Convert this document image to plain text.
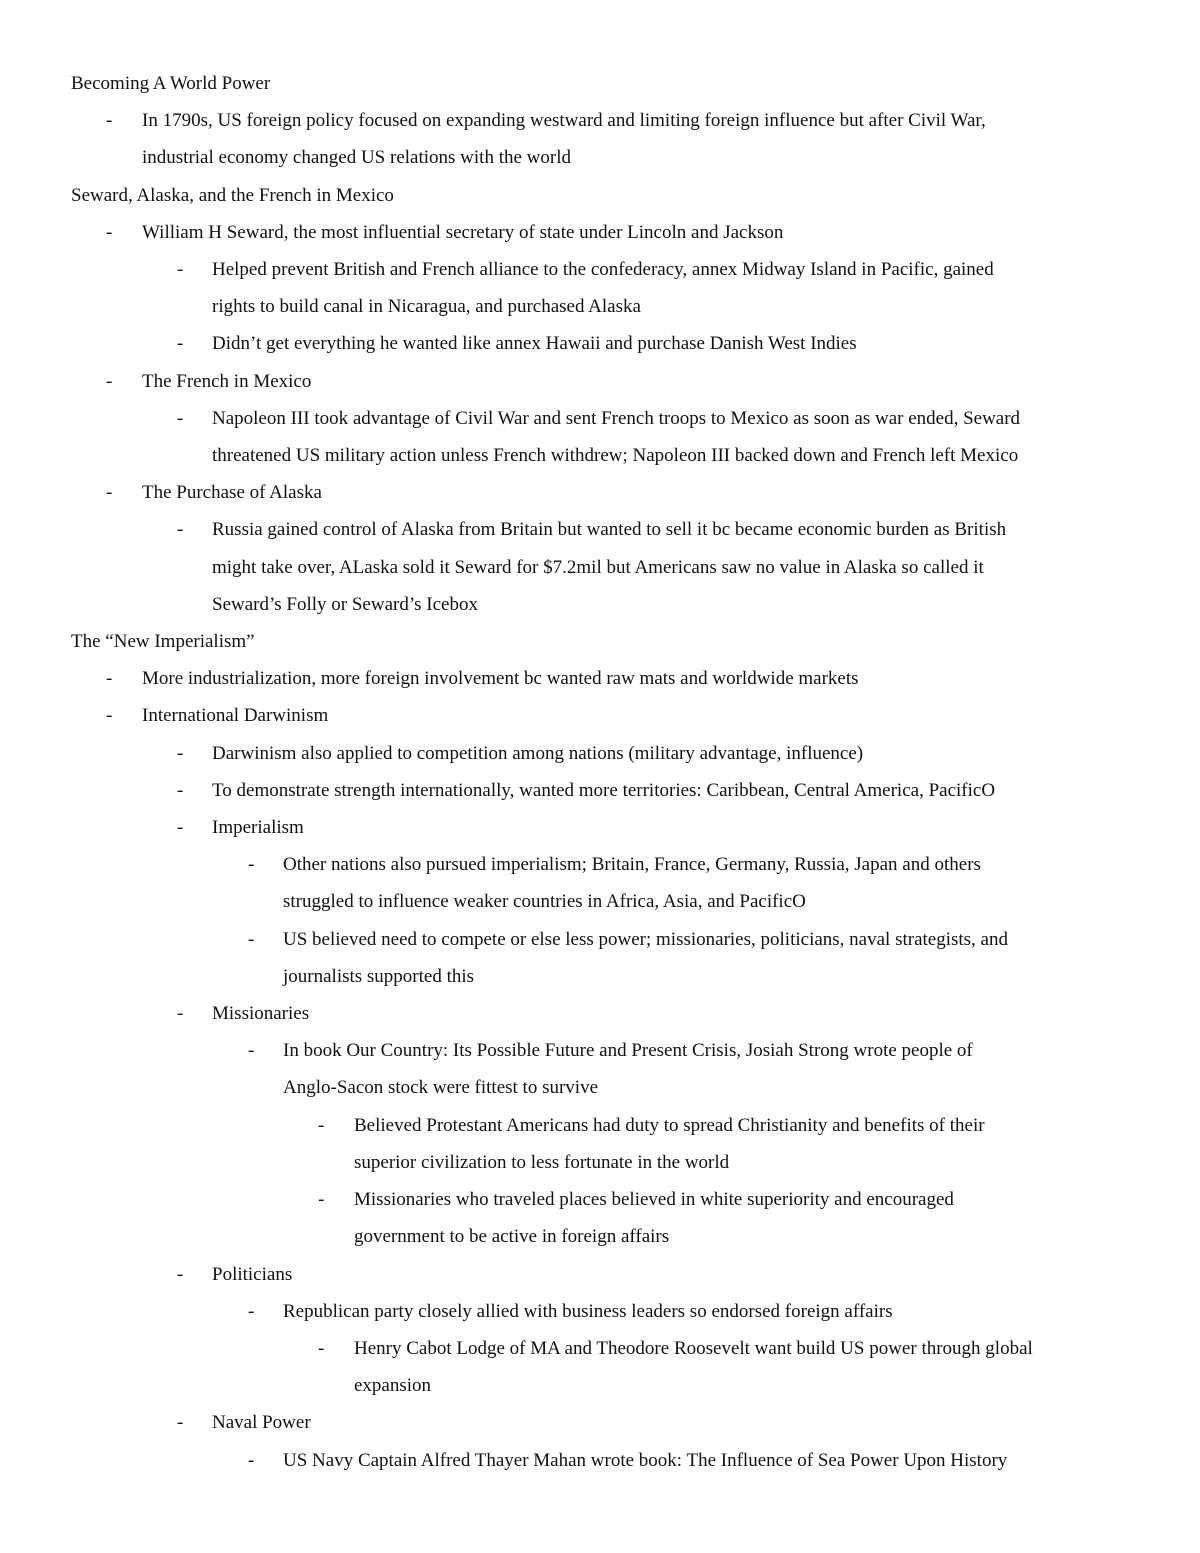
Becoming A World Power
- In 1790s, US foreign policy focused on expanding westward and limiting foreign influence but after Civil War,
industrial economy changed US relations with the world
Seward, Alaska, and the French in Mexico
- William H Seward, the most influential secretary of state under Lincoln and Jackson
- Helped prevent British and French alliance to the confederacy, annex Midway Island in Pacific, gained
rights to build canal in Nicaragua, and purchased Alaska
- Didn’t get everything he wanted like annex Hawaii and purchase Danish West Indies
- The French in Mexico
- Napoleon III took advantage of Civil War and sent French troops to Mexico as soon as war ended, Seward
threatened US military action unless French withdrew; Napoleon III backed down and French left Mexico
- The Purchase of Alaska
- Russia gained control of Alaska from Britain but wanted to sell it bc became economic burden as British
might take over, ALaska sold it Seward for $7.2mil but Americans saw no value in Alaska so called it
Seward’s Folly or Seward’s Icebox
The “New Imperialism”
- More industrialization, more foreign involvement bc wanted raw mats and worldwide markets
- International Darwinism
- Darwinism also applied to competition among nations (military advantage, influence)
- To demonstrate strength internationally, wanted more territories: Caribbean, Central America, PacificO
- Imperialism
- Other nations also pursued imperialism; Britain, France, Germany, Russia, Japan and others
struggled to influence weaker countries in Africa, Asia, and PacificO
- US believed need to compete or else less power; missionaries, politicians, naval strategists, and
journalists supported this
- Missionaries
- In book Our Country: Its Possible Future and Present Crisis, Josiah Strong wrote people of
Anglo-Sacon stock were fittest to survive
- Believed Protestant Americans had duty to spread Christianity and benefits of their
superior civilization to less fortunate in the world
- Missionaries who traveled places believed in white superiority and encouraged
government to be active in foreign affairs
- Politicians
- Republican party closely allied with business leaders so endorsed foreign affairs
- Henry Cabot Lodge of MA and Theodore Roosevelt want build US power through global
expansion
- Naval Power
- US Navy Captain Alfred Thayer Mahan wrote book: The Influence of Sea Power Upon History
